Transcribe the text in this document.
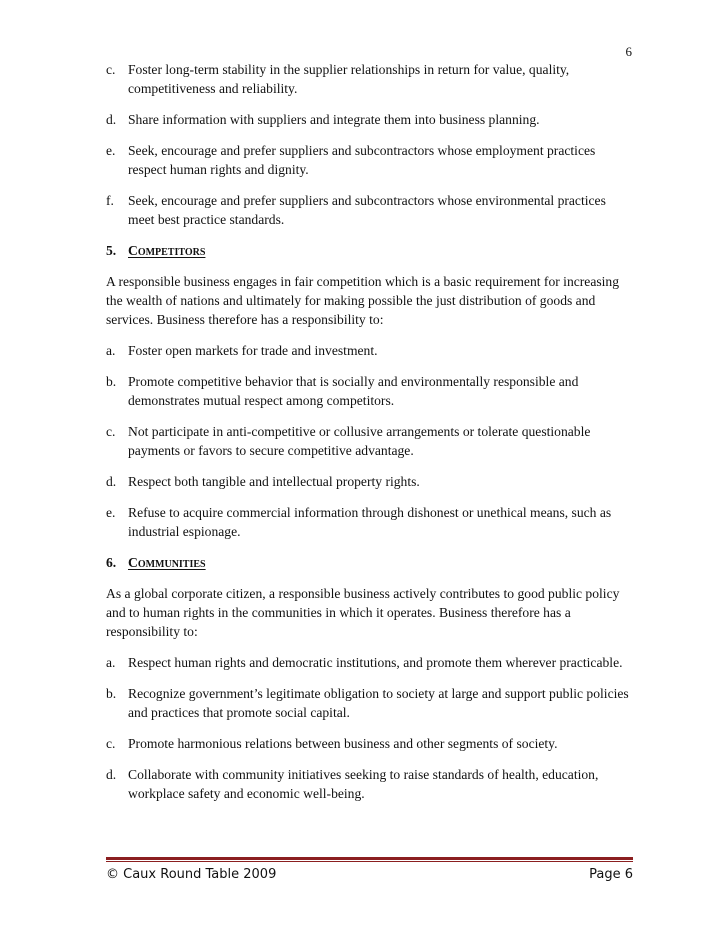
6
c. Foster long-term stability in the supplier relationships in return for value, quality, competitiveness and reliability.
d. Share information with suppliers and integrate them into business planning.
e. Seek, encourage and prefer suppliers and subcontractors whose employment practices respect human rights and dignity.
f. Seek, encourage and prefer suppliers and subcontractors whose environmental practices meet best practice standards.
5. Competitors

A responsible business engages in fair competition which is a basic requirement for increasing the wealth of nations and ultimately for making possible the just distribution of goods and services. Business therefore has a responsibility to:

a. Foster open markets for trade and investment.
b. Promote competitive behavior that is socially and environmentally responsible and demonstrates mutual respect among competitors.
c. Not participate in anti-competitive or collusive arrangements or tolerate questionable payments or favors to secure competitive advantage.
d. Respect both tangible and intellectual property rights.
e. Refuse to acquire commercial information through dishonest or unethical means, such as industrial espionage.
6. Communities

As a global corporate citizen, a responsible business actively contributes to good public policy and to human rights in the communities in which it operates. Business therefore has a responsibility to:

a. Respect human rights and democratic institutions, and promote them wherever practicable.
b. Recognize government’s legitimate obligation to society at large and support public policies and practices that promote social capital.
c. Promote harmonious relations between business and other segments of society.
d. Collaborate with community initiatives seeking to raise standards of health, education, workplace safety and economic well-being.
© Caux Round Table 2009	Page 6
